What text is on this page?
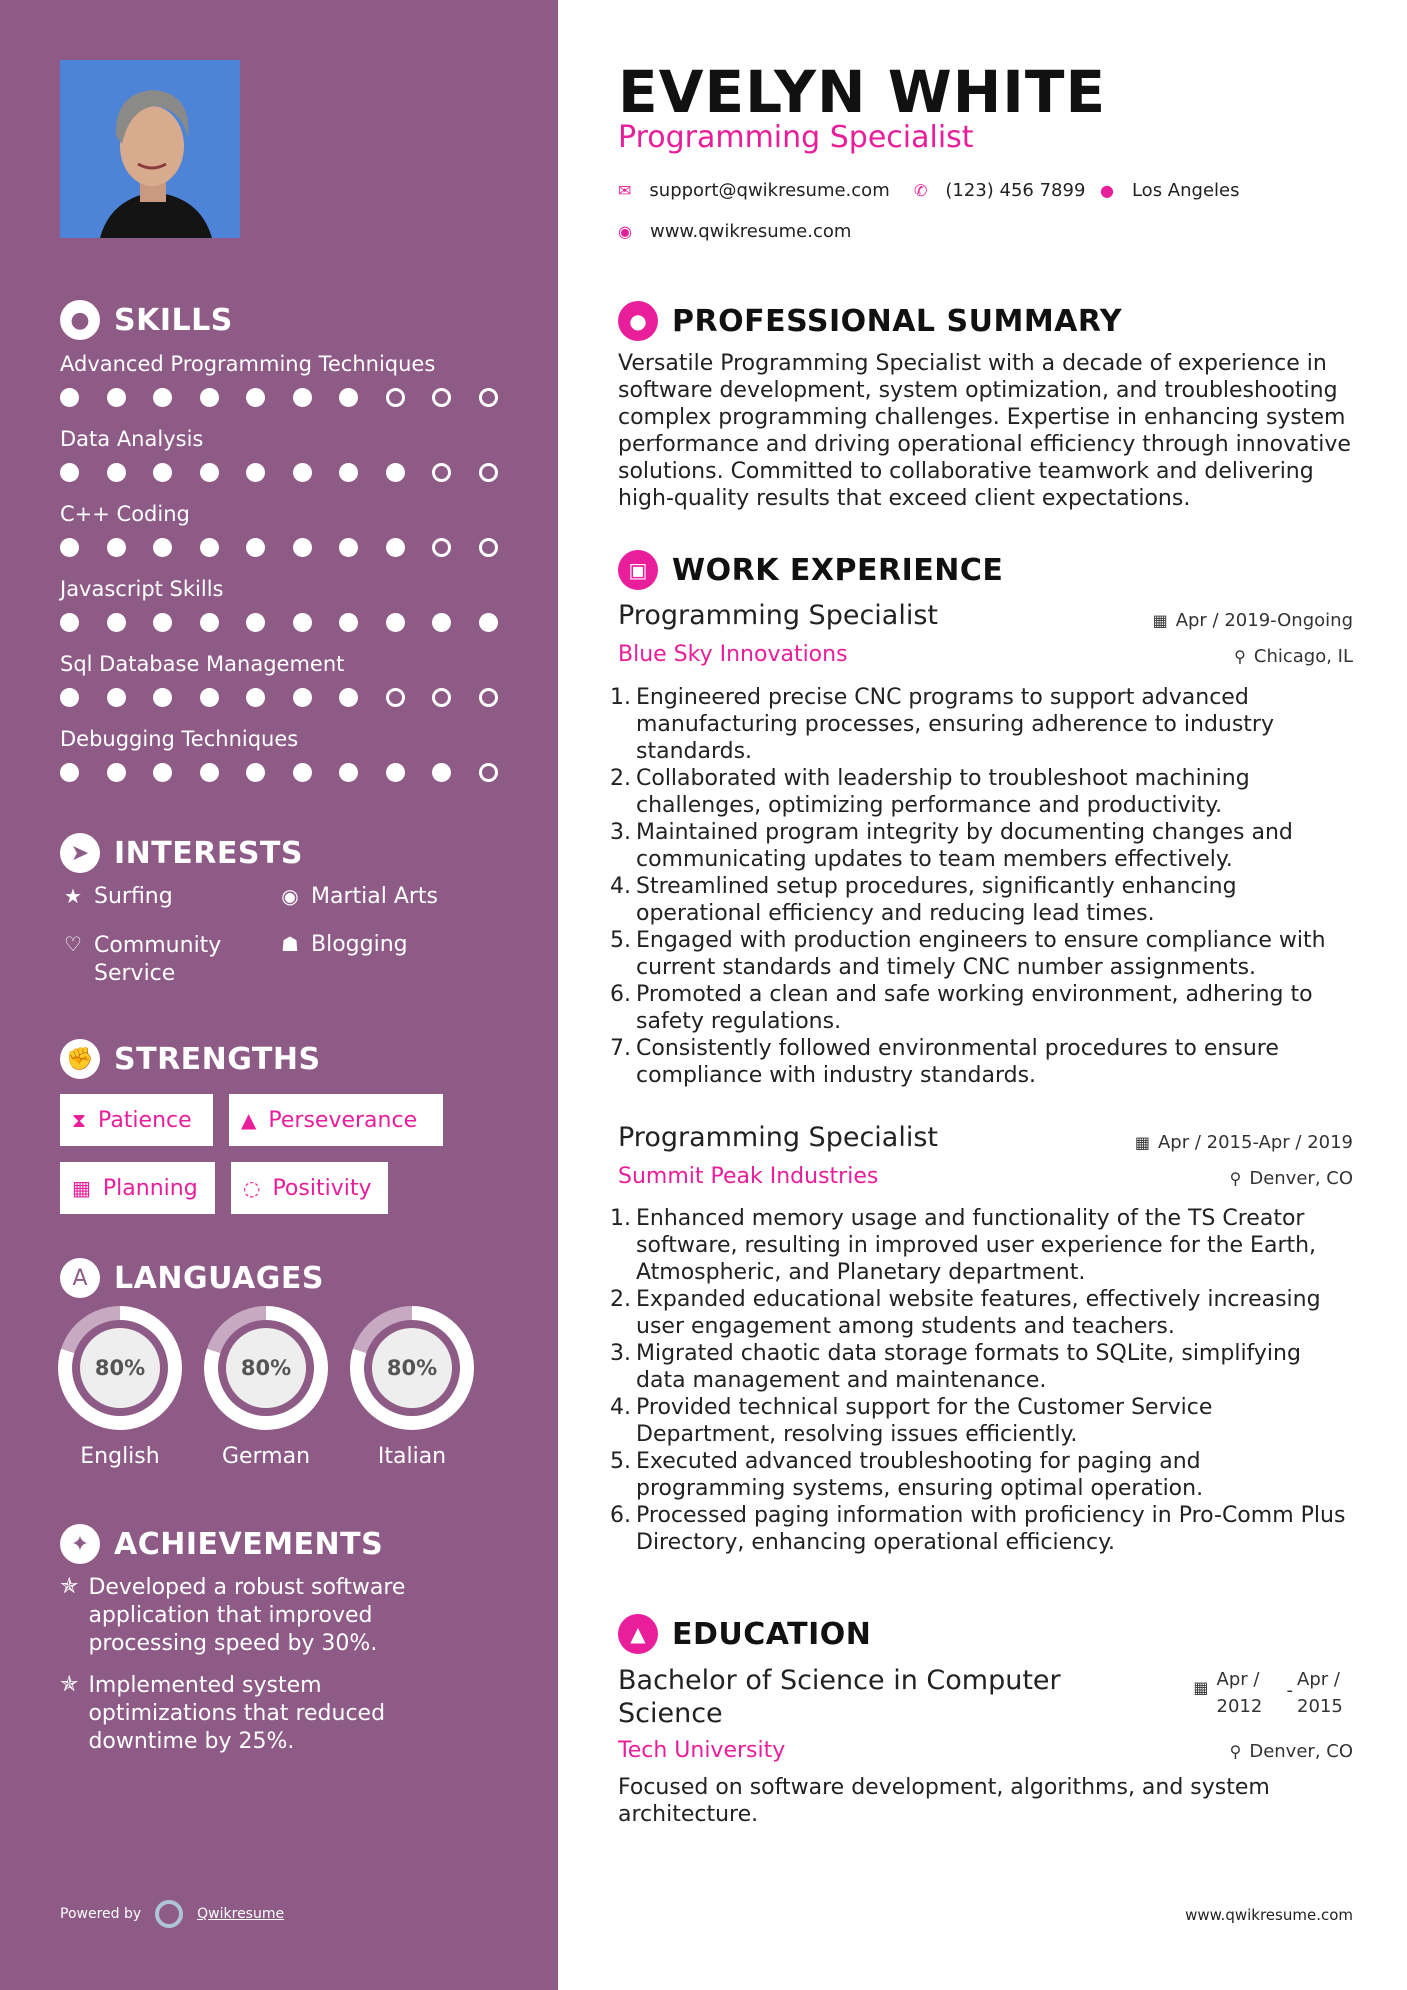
● SKILLS
Advanced Programming Techniques
Data Analysis
C++ Coding
Javascript Skills
Sql Database Management
Debugging Techniques
➤ INTERESTS
★ Surfing	◉ Martial Arts
♡ Community Service
☗ Blogging
✊ STRENGTHS
⧗ Patience ▲ Perseverance
▦ Planning ◌ Positivity
A LANGUAGES
80%
English
80%
German
80%
Italian
✦ ACHIEVEMENTS
✯ Developed a robust software application that improved processing speed by 30%.
✯ Implemented system optimizations that reduced downtime by 25%.
Powered by	Qwikresume
EVELYN WHITE
Programming Specialist
✉ support@qwikresume.com ✆ (123) 456 7899 ● Los Angeles
◉ www.qwikresume.com
● PROFESSIONAL SUMMARY
Versatile Programming Specialist with a decade of experience in software development, system optimization, and troubleshooting complex programming challenges. Expertise in enhancing system performance and driving operational efficiency through innovative solutions. Committed to collaborative teamwork and delivering high-quality results that exceed client expectations.
▣ WORK EXPERIENCE
Programming Specialist	▦ Apr / 2019-Ongoing
Blue Sky Innovations	⚲ Chicago, IL
1. Engineered precise CNC programs to support advanced manufacturing processes, ensuring adherence to industry standards.
2. Collaborated with leadership to troubleshoot machining challenges, optimizing performance and productivity.
3. Maintained program integrity by documenting changes and communicating updates to team members effectively.
4. Streamlined setup procedures, significantly enhancing operational efficiency and reducing lead times.
5. Engaged with production engineers to ensure compliance with current standards and timely CNC number assignments.
6. Promoted a clean and safe working environment, adhering to safety regulations.
7. Consistently followed environmental procedures to ensure compliance with industry standards.
Programming Specialist	▦ Apr / 2015-Apr / 2019
Summit Peak Industries	⚲ Denver, CO
1. Enhanced memory usage and functionality of the TS Creator software, resulting in improved user experience for the Earth, Atmospheric, and Planetary department.
2. Expanded educational website features, effectively increasing user engagement among students and teachers.
3. Migrated chaotic data storage formats to SQLite, simplifying data management and maintenance.
4. Provided technical support for the Customer Service Department, resolving issues efficiently.
5. Executed advanced troubleshooting for paging and programming systems, ensuring optimal operation.
6. Processed paging information with proficiency in Pro-Comm Plus Directory, enhancing operational efficiency.
▲ EDUCATION
Bachelor of Science in Computer Science
▦ Apr / 2012
-
Apr / 2015
Tech University	⚲ Denver, CO
Focused on software development, algorithms, and system architecture.
www.qwikresume.com
